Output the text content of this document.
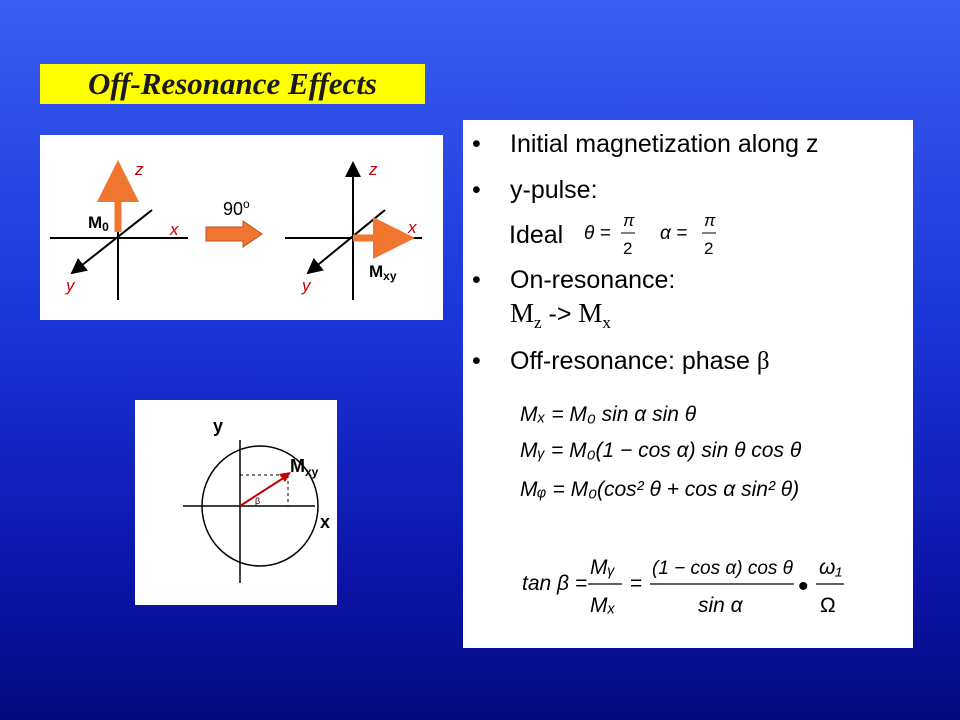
Off-Resonance Effects
z
x
y
M0
90$^o$
z
x
y
Mxy
y
x
$M_{xy}$
β
• Initial magnetization along z
• y-pulse:
Ideal θ =
π
2
α =
π
2
• On-resonance:
$M_z -> M_x$
• Off-resonance: phase β
Mₓ = M₀ sin α sin θ
Mᵧ = M₀(1 − cos α) sin θ cos θ
Mᵩ = M₀(cos² θ + cos α sin² θ)
tan β =
Mᵧ
Mₓ
=
(1 − cos α) cos θ
sin α
•
ω₁
Ω
